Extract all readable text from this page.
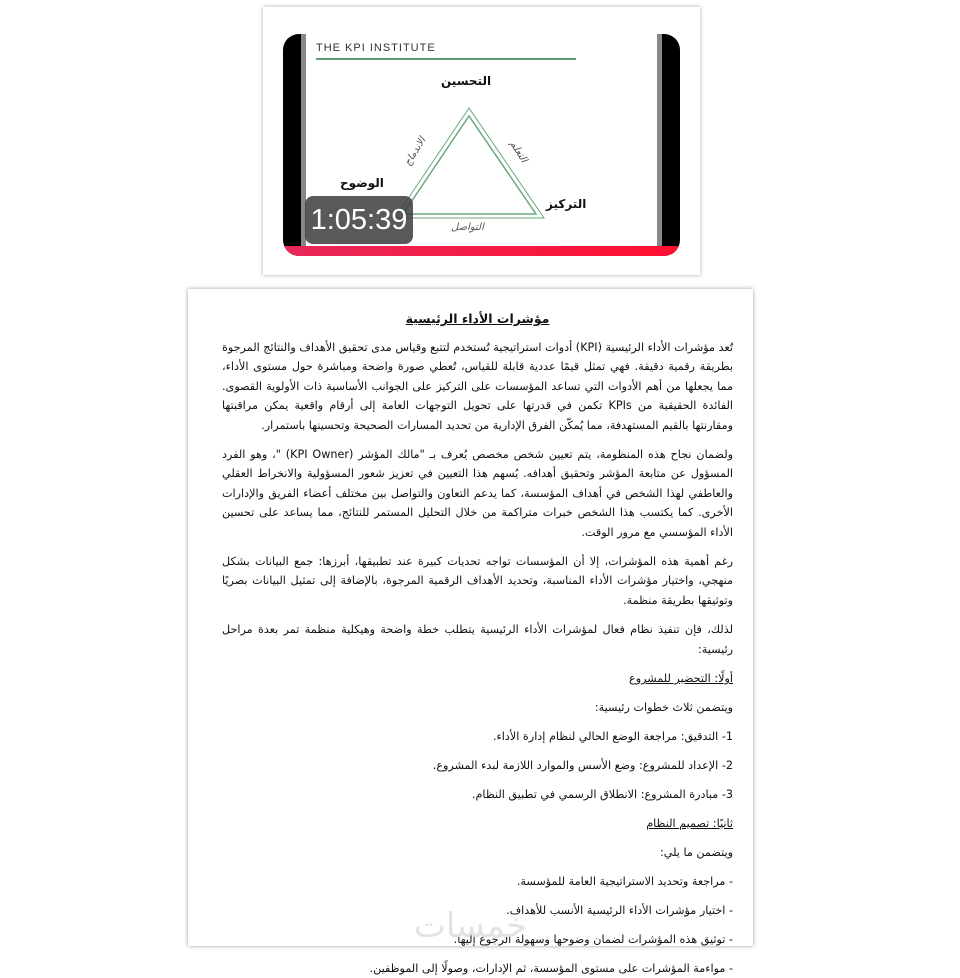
THE KPI INSTITUTE
التحسين
التركيز
الوضوح
الاندماج	التعلم
التواصل
1:05:39
مؤشرات الأداء الرئيسية

تُعد مؤشرات الأداء الرئيسية (KPI) أدوات استراتيجية تُستخدم لتتبع وقياس مدى تحقيق الأهداف والنتائج المرجوة بطريقة رقمية دقيقة. فهي تمثل قيمًا عددية قابلة للقياس، تُعطي صورة واضحة ومباشرة حول مستوى الأداء، مما يجعلها من أهم الأدوات التي تساعد المؤسسات على التركيز على الجوانب الأساسية ذات الأولوية القصوى. الفائدة الحقيقية من KPIs تكمن في قدرتها على تحويل التوجهات العامة إلى أرقام واقعية يمكن مراقبتها ومقارنتها بالقيم المستهدفة، مما يُمكّن الفرق الإدارية من تحديد المسارات الصحيحة وتحسينها باستمرار.

ولضمان نجاح هذه المنظومة، يتم تعيين شخص مخصص يُعرف بـ "مالك المؤشر (KPI Owner) "، وهو الفرد المسؤول عن متابعة المؤشر وتحقيق أهدافه. يُسهم هذا التعيين في تعزيز شعور المسؤولية والانخراط العقلي والعاطفي لهذا الشخص في أهداف المؤسسة، كما يدعم التعاون والتواصل بين مختلف أعضاء الفريق والإدارات الأخرى. كما يكتسب هذا الشخص خبرات متراكمة من خلال التحليل المستمر للنتائج، مما يساعد على تحسين الأداء المؤسسي مع مرور الوقت.

رغم أهمية هذه المؤشرات، إلا أن المؤسسات تواجه تحديات كبيرة عند تطبيقها، أبرزها: جمع البيانات بشكل منهجي، واختيار مؤشرات الأداء المناسبة، وتحديد الأهداف الرقمية المرجوة، بالإضافة إلى تمثيل البيانات بصريًا وتوثيقها بطريقة منظمة.

لذلك، فإن تنفيذ نظام فعال لمؤشرات الأداء الرئيسية يتطلب خطة واضحة وهيكلية منظمة تمر بعدة مراحل رئيسية:

أولًا: التحضير للمشروع
ويتضمن ثلاث خطوات رئيسية:
1- التدقيق: مراجعة الوضع الحالي لنظام إدارة الأداء.
2- الإعداد للمشروع: وضع الأسس والموارد اللازمة لبدء المشروع.
3- مبادرة المشروع: الانطلاق الرسمي في تطبيق النظام.
ثانيًا: تصميم النظام
ويتضمن ما يلي:
- مراجعة وتحديد الاستراتيجية العامة للمؤسسة.
- اختيار مؤشرات الأداء الرئيسية الأنسب للأهداف.
- توثيق هذه المؤشرات لضمان وضوحها وسهولة الرجوع إليها.
- مواءمة المؤشرات على مستوى المؤسسة، ثم الإدارات، وصولًا إلى الموظفين.
خمسات
